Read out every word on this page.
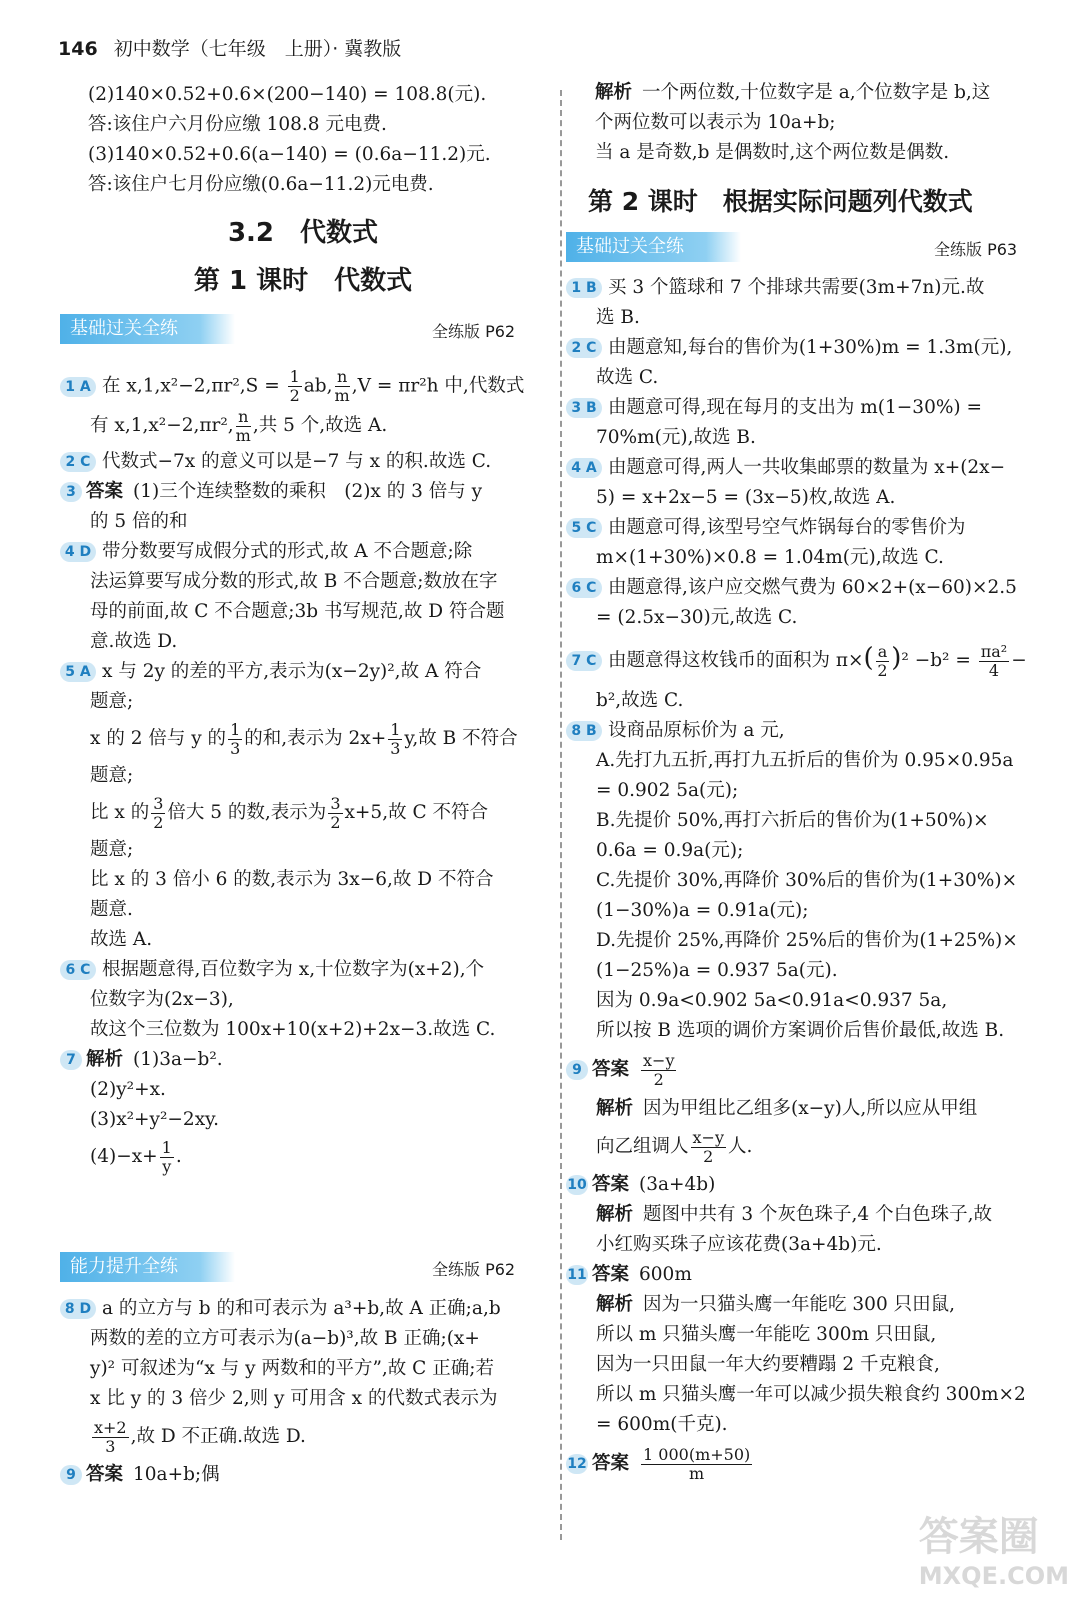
146 初中数学（七年级　上册）· 冀教版

(2)140×0.52+0.6×(200−140) = 108.8(元).

答:该住户六月份应缴 108.8 元电费.

(3)140×0.52+0.6(a−140) = (0.6a−11.2)元.

答:该住户七月份应缴(0.6a−11.2)元电费.

3.2　代数式
第 1 课时　代数式
基础过关全练	全练版 P62

1 A 在 $x,1,x^2-2,\pi r^2,S = \frac{1}{2}$ ab, $\frac{n}{m} ,V = \pi r^2h$ 中,代数式

有 x,1,x²−2,πr², $\frac{n}{m}$ ,共 5 个,故选 A.

2 C 代数式−7x 的意义可以是−7 与 x 的积.故选 C.

3 答案 (1)三个连续整数的乘积　(2)x 的 3 倍与 y

的 5 倍的和

4 D 带分数要写成假分式的形式,故 A 不合题意;除

法运算要写成分数的形式,故 B 不合题意;数放在字

母的前面,故 C 不合题意;3b 书写规范,故 D 符合题

意.故选 D.

5 A x 与 2y 的差的平方,表示为(x−2y)²,故 A 符合

题意;

x 的 2 倍与 y 的 $\frac{1}{3}$ 的和,表示为 $2x+ \frac{1}{3} y$,故 B 不符合

题意;

比 x 的 $\frac{3}{2}$ 倍大 5 的数,表示为 $\frac{3}{2} x+5$,故 C 不符合

题意;

比 x 的 3 倍小 6 的数,表示为 3x−6,故 D 不符合

题意.

故选 A.

6 C 根据题意得,百位数字为 x,十位数字为(x+2),个

位数字为(2x−3),

故这个三位数为 100x+10(x+2)+2x−3.故选 C.

7 解析 (1)3a−b².

(2)y²+x.

(3)x²+y²−2xy.

$(4)-x+ \frac{1}{y}$ .

能力提升全练	全练版 P62

8 D a 的立方与 b 的和可表示为 a³+b,故 A 正确;a,b

两数的差的立方可表示为(a−b)³,故 B 正确;(x+

y)² 可叙述为“x 与 y 两数和的平方”,故 C 正确;若

x 比 y 的 3 倍少 2,则 y 可用含 x 的代数式表示为

$\frac{x+2}{3}$ ,故 D 不正确.故选 D.

9 答案 10a+b;偶

解析 一个两位数,十位数字是 a,个位数字是 b,这

个两位数可以表示为 10a+b;

当 a 是奇数,b 是偶数时,这个两位数是偶数.

第 2 课时　根据实际问题列代数式
基础过关全练	全练版 P63

1 B 买 3 个篮球和 7 个排球共需要(3m+7n)元.故

选 B.

2 C 由题意知,每台的售价为(1+30%)m = 1.3m(元),

故选 C.

3 B 由题意可得,现在每月的支出为 m(1−30%) =

70%m(元),故选 B.

4 A 由题意可得,两人一共收集邮票的数量为 x+(2x−

5) = x+2x−5 = (3x−5)枚,故选 A.

5 C 由题意可得,该型号空气炸锅每台的零售价为

m×(1+30%)×0.8 = 1.04m(元),故选 C.

6 C 由题意得,该户应交燃气费为 60×2+(x−60)×2.5

= (2.5x−30)元,故选 C.

7 C 由题意得这枚钱币的面积为 $\pi\times( \frac{a}{2} )^2 -b^2 = \frac{\text{πa²}}{4}$ −

b²,故选 C.

8 B 设商品原标价为 a 元,

A.先打九五折,再打九五折后的售价为 0.95×0.95a

= 0.902 5a(元);

B.先提价 50%,再打六折后的售价为(1+50%)×

0.6a = 0.9a(元);

C.先提价 30%,再降价 30%后的售价为(1+30%)×

(1−30%)a = 0.91a(元);

D.先提价 25%,再降价 25%后的售价为(1+25%)×

(1−25%)a = 0.937 5a(元).

因为 0.9a<0.902 5a<0.91a<0.937 5a,

所以按 B 选项的调价方案调价后售价最低,故选 B.

9 答案 $\frac{x-y}{2}$

解析 因为甲组比乙组多(x−y)人,所以应从甲组

向乙组调人 $\frac{x-y}{2}$ 人.

10 答案 (3a+4b)

解析 题图中共有 3 个灰色珠子,4 个白色珠子,故

小红购买珠子应该花费(3a+4b)元.

11 答案 600m

解析 因为一只猫头鹰一年能吃 300 只田鼠,

所以 m 只猫头鹰一年能吃 300m 只田鼠,

因为一只田鼠一年大约要糟蹋 2 千克粮食,

所以 m 只猫头鹰一年可以减少损失粮食约 300m×2

= 600m(千克).

12 答案 $\frac{1 000(m+50)}{m}$

答案圈
MXQE.COM
